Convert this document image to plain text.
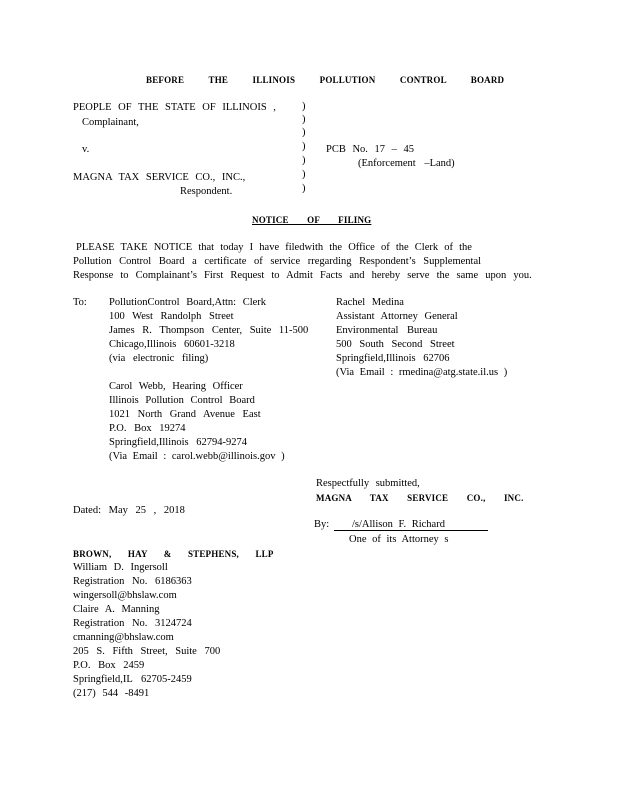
BEFORE THE ILLINOIS POLLUTION CONTROL BOARD
PEOPLE OF THE STATE OF ILLINOIS ,
Complainant,
v.
MAGNA TAX SERVICE CO., INC.,
Respondent.
)
)
)
)
)
)
)
PCB No. 17 – 45
(Enforcement –Land)
NOTICE OF FILING
PLEASE TAKE NOTICE that today I have filedwith the Office of the Clerk of the
Pollution Control Board a certificate of service rregarding Respondent’s Supplemental
Response to Complainant’s First Request to Admit Facts and hereby serve the same upon you.
To: PollutionControl Board,Attn: Clerk
100 West Randolph Street
James R. Thompson Center, Suite 11-500
Chicago,Illinois 60601-3218
(via electronic filing)
Carol Webb, Hearing Officer
Illinois Pollution Control Board
1021 North Grand Avenue East
P.O. Box 19274
Springfield,Illinois 62794-9274
(Via Email : carol.webb@illinois.gov )
Rachel Medina
Assistant Attorney General
Environmental Bureau
500 South Second Street
Springfield,Illinois 62706
(Via Email : rmedina@atg.state.il.us )
Respectfully submitted,
MAGNA TAX SERVICE CO., INC.
Dated: May 25 , 2018
By: /s/Allison F. Richard
One of its Attorney s
BROWN, HAY & STEPHENS, LLP
William D. Ingersoll
Registration No. 6186363
wingersoll@bhslaw.com
Claire A. Manning
Registration No. 3124724
cmanning@bhslaw.com
205 S. Fifth Street, Suite 700
P.O. Box 2459
Springfield,IL 62705-2459
(217) 544 -8491
